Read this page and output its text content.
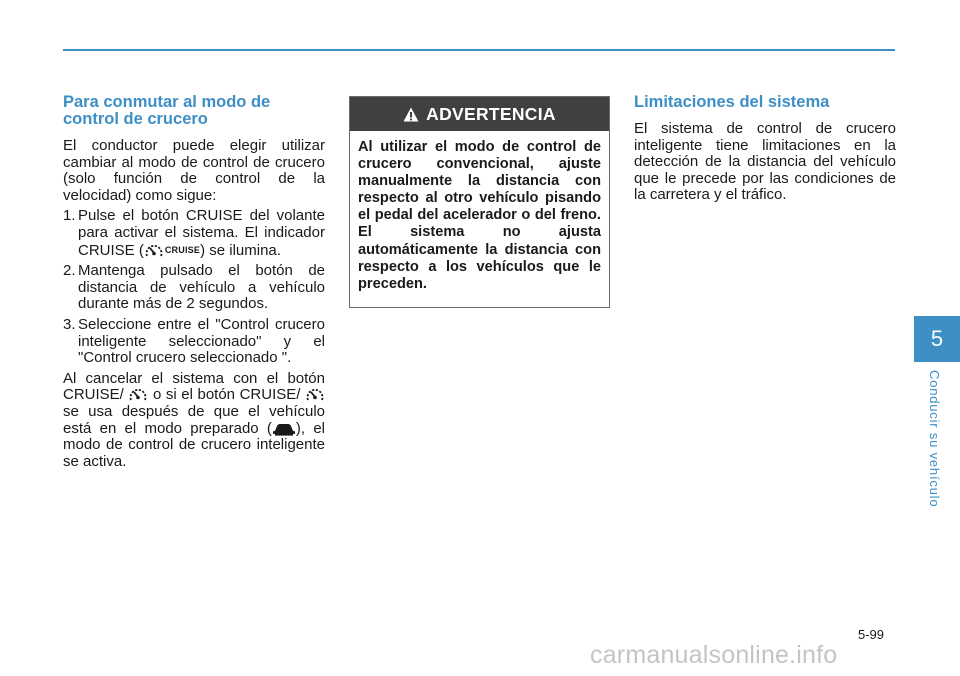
Para conmutar al modo de control de crucero

El conductor puede elegir utilizar cambiar al modo de control de crucero (solo función de control de la velocidad) como sigue:

1. Pulse el botón CRUISE del volante para activar el sistema. El indicador CRUISE ( CRUISE) se ilumina.
2. Mantenga pulsado el botón de distancia de vehículo a vehículo durante más de 2 segundos.
3. Seleccione entre el "Control crucero inteligente seleccionado" y el "Control crucero seleccionado ".

Al cancelar el sistema con el botón CRUISE/ o si el botón CRUISE/
se usa después de que el vehículo está en el modo preparado ( ), el modo de control de crucero inteligente se activa.

ADVERTENCIA
Al utilizar el modo de control de crucero convencional, ajuste manualmente la distancia con respecto al otro vehículo pisando el pedal del acelerador o del freno. El sistema no ajusta automáticamente la distancia con respecto a los vehículos que le preceden.
Limitaciones del sistema

El sistema de control de crucero inteligente tiene limitaciones en la detección de la distancia del vehículo que le precede por las condiciones de la carretera y el tráfico.

5
Conducir su vehículo
5-99
carmanualsonline.info
